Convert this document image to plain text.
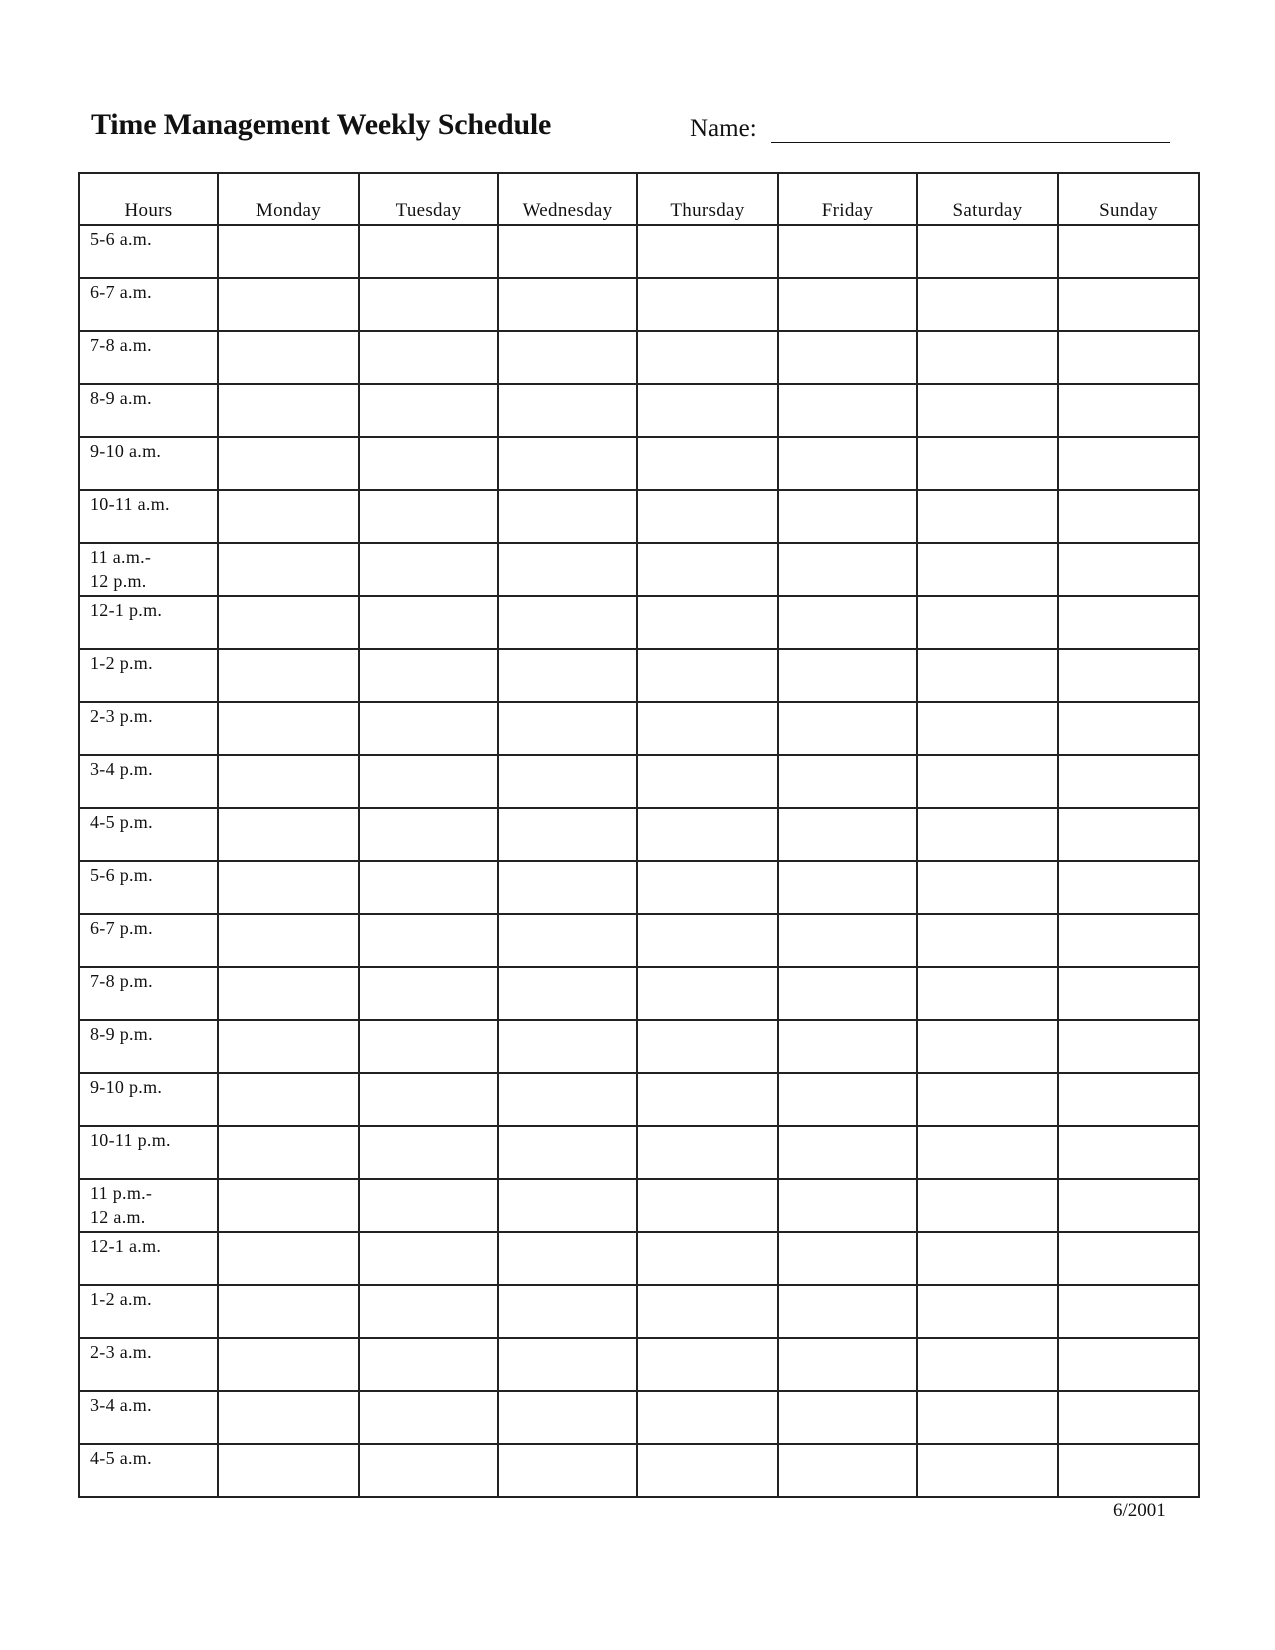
Time Management Weekly Schedule	Name:
Hours	Monday	Tuesday	Wednesday	Thursday	Friday	Saturday	Sunday

5-6 a.m.							

6-7 a.m.							

7-8 a.m.							

8-9 a.m.							

9-10 a.m.							

10-11 a.m.							

11 a.m.-
12 p.m.							

12-1 p.m.							

1-2 p.m.							

2-3 p.m.							

3-4 p.m.							

4-5 p.m.							

5-6 p.m.							

6-7 p.m.							

7-8 p.m.							

8-9 p.m.							

9-10 p.m.							

10-11 p.m.							

11 p.m.-
12 a.m.							

12-1 a.m.							

1-2 a.m.							

2-3 a.m.							

3-4 a.m.							

4-5 a.m.							

6/2001
